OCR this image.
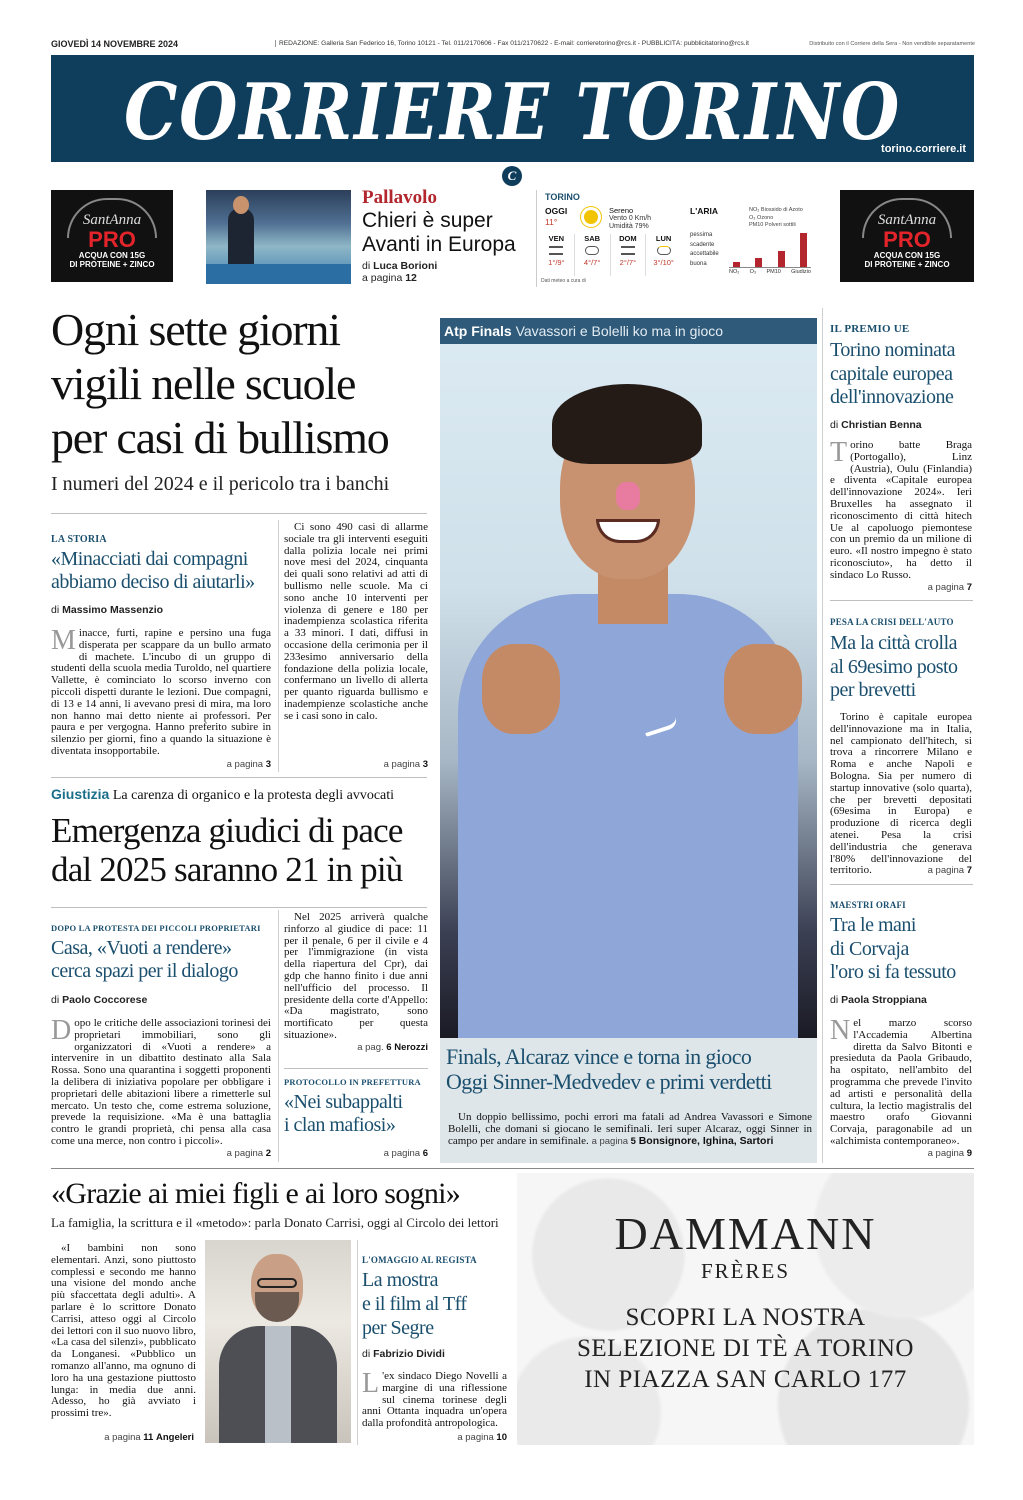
GIOVEDÌ 14 NOVEMBRE 2024	REDAZIONE: Galleria San Federico 16, Torino 10121 - Tel. 011/2170606 - Fax 011/2170622 - E-mail: corrieretorino@rcs.it - PUBBLICITÀ: pubblicitatorino@rcs.it	Distribuito con il Corriere della Sera - Non vendibile separatamente
CORRIERE TORINO
torino.corriere.it
C
SantAnna
PRO
ACQUA CON 15G
DI PROTEINE + ZINCO
SantAnna
PRO
ACQUA CON 15G
DI PROTEINE + ZINCO
Pallavolo
Chieri è super
Avanti in Europa
di Luca Borioni
a pagina 12
TORINO
OGGI
11°
Sereno
Vento 0 Km/h
Umidità 79%
VEN
1°/9°
SAB
4°/7°
DOM
2°/7°
LUN
3°/10°
Dati meteo a cura di
L'ARIA	NO₂ Biossido di Azoto
O₃ Ozono
PM10 Polveri sottili
pessima
scadente
accettabile
buona
NO₂ O₃ PM10 Giudizio
Ogni sette giorni
vigili nelle scuole
per casi di bullismo
I numeri del 2024 e il pericolo tra i banchi
LA STORIA
«Minacciati dai compagni
abbiamo deciso di aiutarli»
di Massimo Massenzio
Minacce, furti, rapine e persino una fuga disperata per scappare da un bullo armato di machete. L'incubo di un gruppo di studenti della scuola media Turoldo, nel quartiere Vallette, è cominciato lo scorso inverno con piccoli dispetti durante le lezioni. Due compagni, di 13 e 14 anni, li avevano presi di mira, ma loro non hanno mai detto niente ai professori. Per paura e per vergogna. Hanno preferito subire in silenzio per giorni, fino a quando la situazione è diventata insopportabile.
a pagina 3
Ci sono 490 casi di allarme sociale tra gli interventi eseguiti dalla polizia locale nei primi nove mesi del 2024, cinquanta dei quali sono relativi ad atti di bullismo nelle scuole. Ma ci sono anche 10 interventi per violenza di genere e 180 per inadempienza scolastica riferita a 33 minori. I dati, diffusi in occasione della cerimonia per il 233esimo anniversario della fondazione della polizia locale, confermano un livello di allerta per quanto riguarda bullismo e inadempienze scolastiche anche se i casi sono in calo.
a pagina 3
Giustizia La carenza di organico e la protesta degli avvocati
Emergenza giudici di pace
dal 2025 saranno 21 in più
DOPO LA PROTESTA DEI PICCOLI PROPRIETARI
Casa, «Vuoti a rendere»
cerca spazi per il dialogo
di Paolo Coccorese
Dopo le critiche delle associazioni torinesi dei proprietari immobiliari, sono gli organizzatori di «Vuoti a rendere» a intervenire in un dibattito destinato alla Sala Rossa. Sono una quarantina i soggetti proponenti la delibera di iniziativa popolare per obbligare i proprietari delle abitazioni libere a rimetterle sul mercato. Un testo che, come estrema soluzione, prevede la requisizione. «Ma è una battaglia contro le grandi proprietà, chi pensa alla casa come una merce, non contro i piccoli».
a pagina 2
Nel 2025 arriverà qualche rinforzo al giudice di pace: 11 per il penale, 6 per il civile e 4 per l'immigrazione (in vista della riapertura del Cpr), dai gdp che hanno finito i due anni nell'ufficio del processo. Il presidente della corte d'Appello: «Da magistrato, sono mortificato per questa situazione».
a pag. 6 Nerozzi
PROTOCOLLO IN PREFETTURA
«Nei subappalti
i clan mafiosi»
a pagina 6
Atp Finals Vavassori e Bolelli ko ma in gioco
Finals, Alcaraz vince e torna in gioco
Oggi Sinner-Medvedev e primi verdetti
Un doppio bellissimo, pochi errori ma fatali ad Andrea Vavassori e Simone Bolelli, che domani si giocano le semifinali. Ieri super Alcaraz, oggi Sinner in campo per andare in semifinale. a pagina 5 Bonsignore, Ighina, Sartori
IL PREMIO UE
Torino nominata
capitale europea
dell'innovazione
di Christian Benna
Torino batte Braga (Portogallo), Linz (Austria), Oulu (Finlandia) e diventa «Capitale europea dell'innovazione 2024». Ieri Bruxelles ha assegnato il riconoscimento di città hitech Ue al capoluogo piemontese con un premio da un milione di euro. «Il nostro impegno è stato riconosciuto», ha detto il sindaco Lo Russo.
a pagina 7
PESA LA CRISI DELL'AUTO
Ma la città crolla
al 69esimo posto
per brevetti
Torino è capitale europea dell'innovazione ma in Italia, nel campionato dell'hitech, si trova a rincorrere Milano e Roma e anche Napoli e Bologna. Sia per numero di startup innovative (solo quarta), che per brevetti depositati (69esima in Europa) e produzione di ricerca degli atenei. Pesa la crisi dell'industria che generava l'80% dell'innovazione del territorio.	a pagina 7
MAESTRI ORAFI
Tra le mani
di Corvaja
l'oro si fa tessuto
di Paola Stroppiana
Nel marzo scorso l'Accademia Albertina diretta da Salvo Bitonti e presieduta da Paola Gribaudo, ha ospitato, nell'ambito del programma che prevede l'invito ad artisti e personalità della cultura, la lectio magistralis del maestro orafo Giovanni Corvaja, paragonabile ad un «alchimista contemporaneo».
a pagina 9
«Grazie ai miei figli e ai loro sogni»
La famiglia, la scrittura e il «metodo»: parla Donato Carrisi, oggi al Circolo dei lettori
«I bambini non sono elementari. Anzi, sono piuttosto complessi e secondo me hanno una visione del mondo anche più sfaccettata degli adulti». A parlare è lo scrittore Donato Carrisi, atteso oggi al Circolo dei lettori con il suo nuovo libro, «La casa del silenzi», pubblicato da Longanesi. «Pubblico un romanzo all'anno, ma ognuno di loro ha una gestazione piuttosto lunga: in media due anni. Adesso, ho già avviato i prossimi tre».
a pagina 11 Angeleri
L'OMAGGIO AL REGISTA
La mostra
e il film al Tff
per Segre
di Fabrizio Dividi
L 'ex sindaco Diego Novelli a margine di una riflessione sul cinema torinese degli anni Ottanta inquadra un'opera dalla profondità antropologica.
a pagina 10
DAMMANN
FRÈRES
SCOPRI LA NOSTRA
SELEZIONE DI TÈ A TORINO
IN PIAZZA SAN CARLO 177
